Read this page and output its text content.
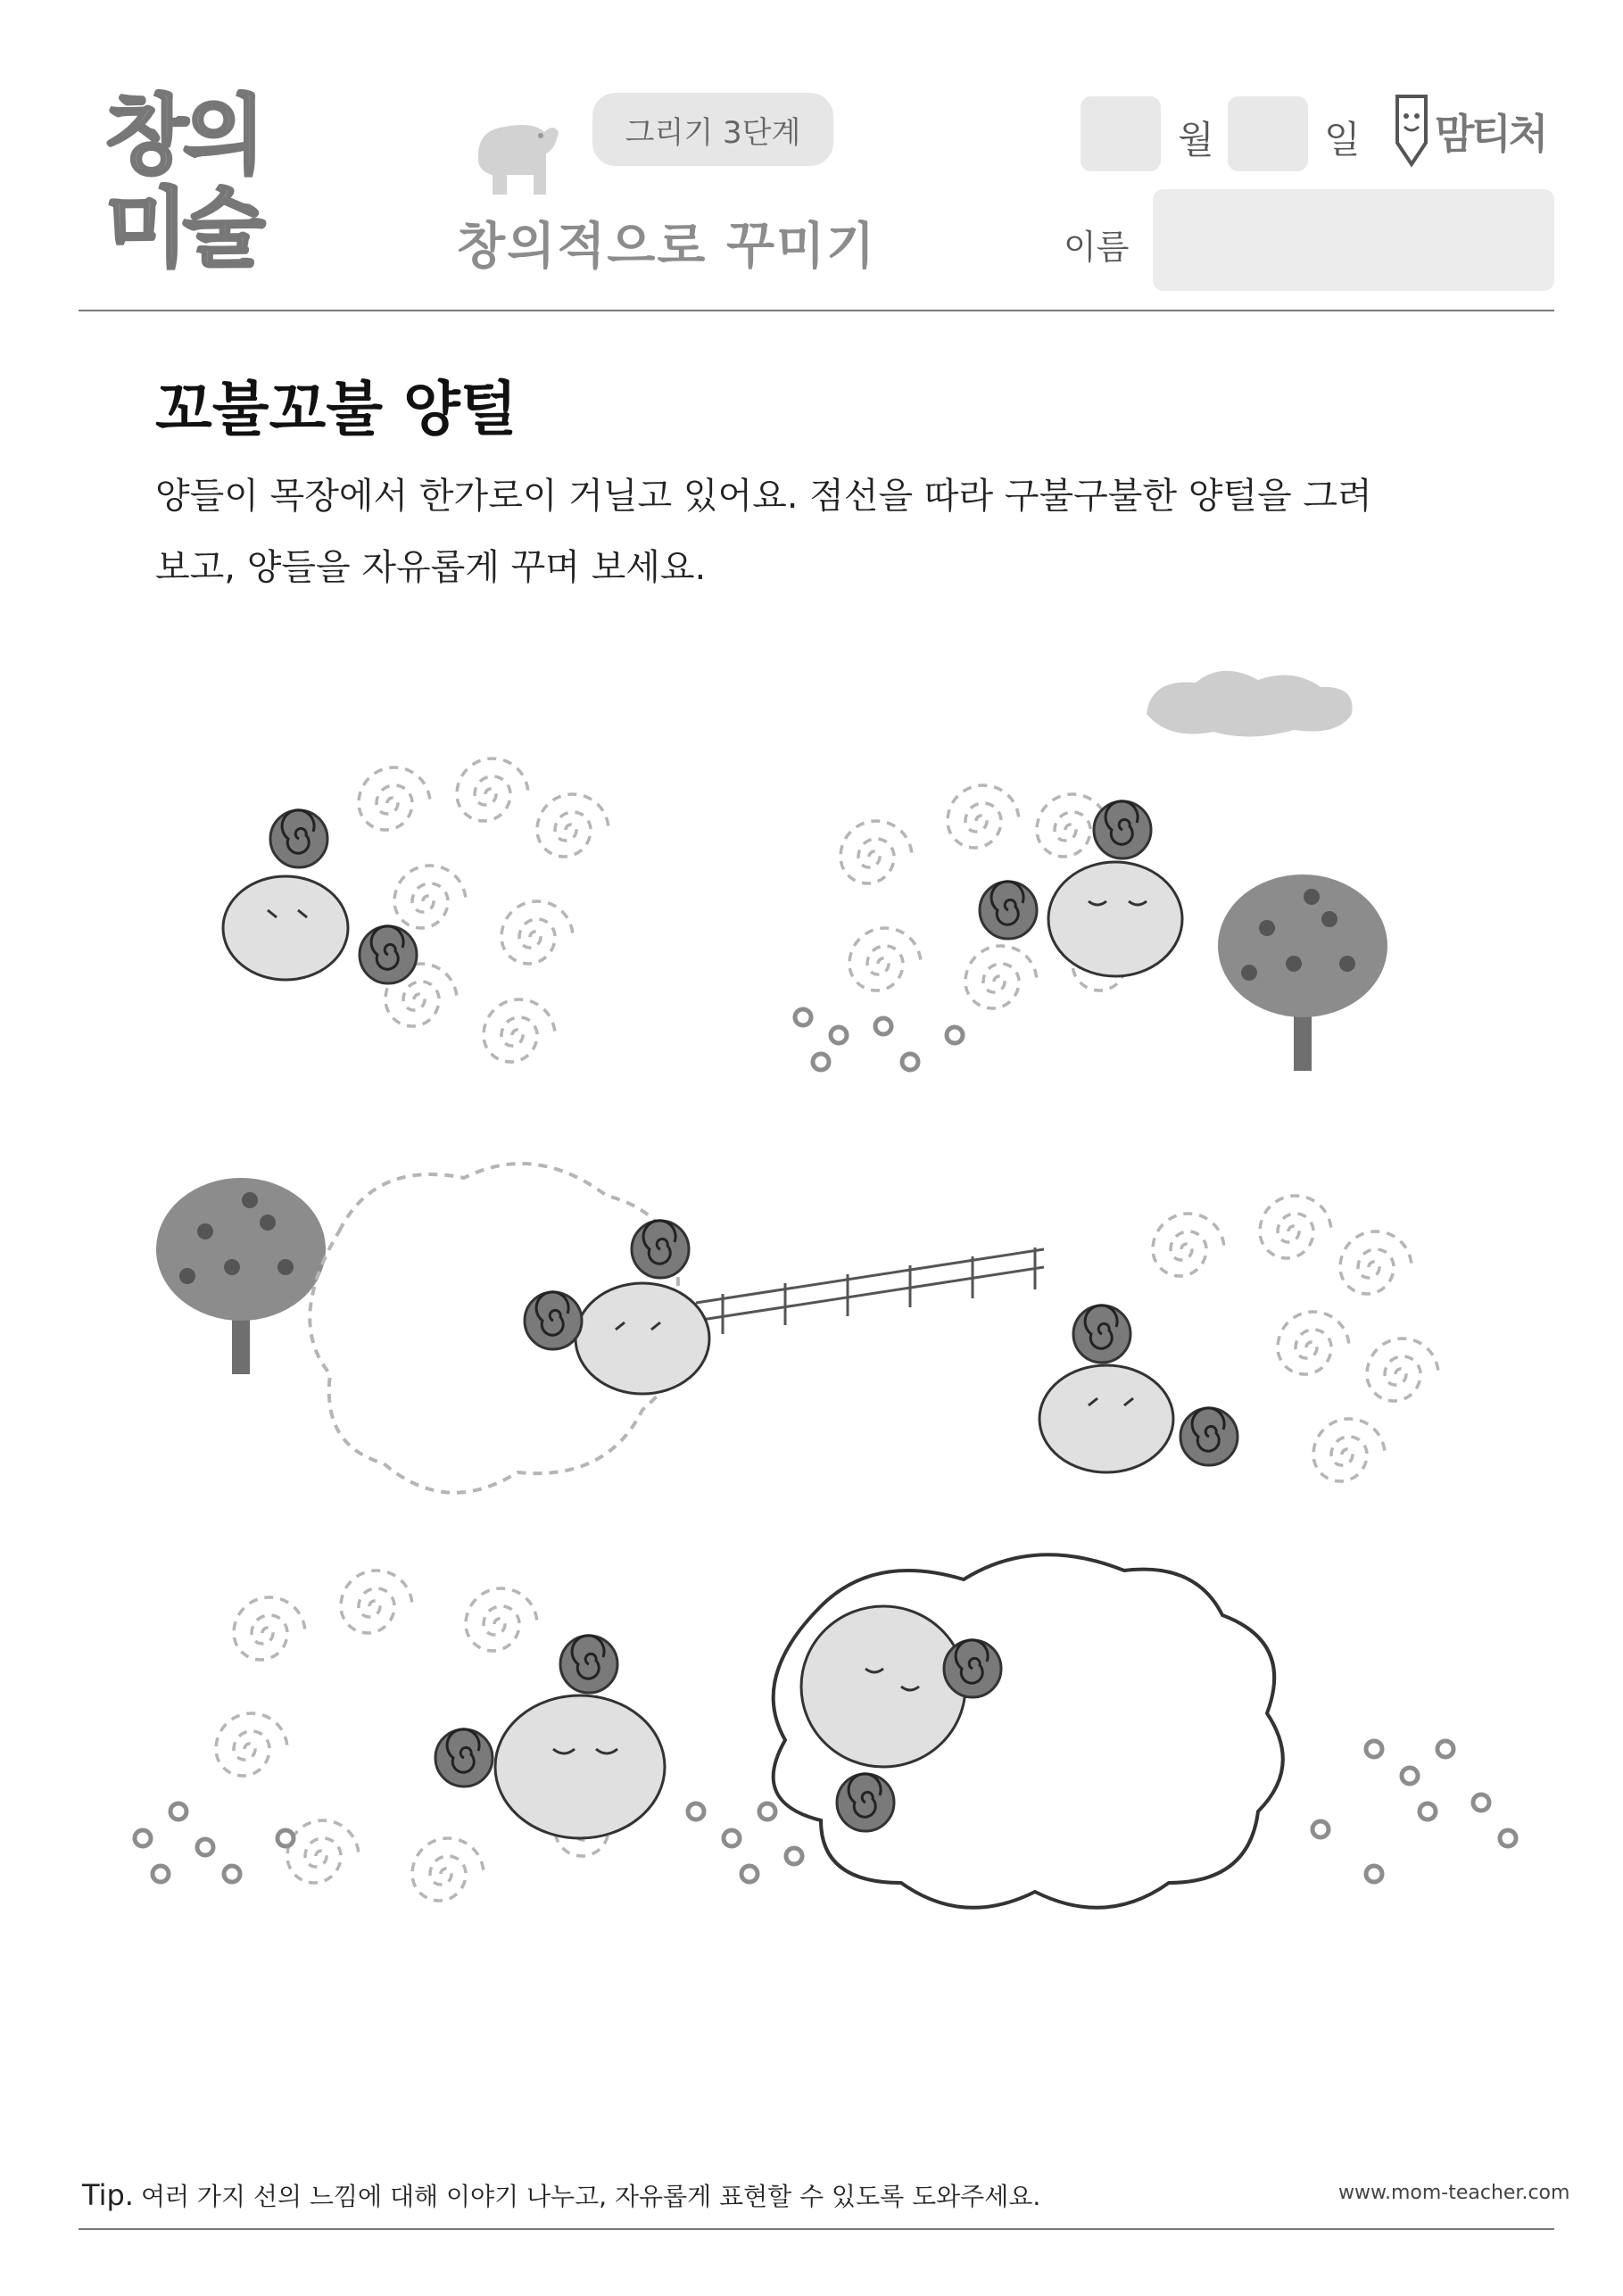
창의
미술
그리기 3단계
창의적으로 꾸미기
월	일 맘티처
이름
꼬불꼬불 양털
양들이 목장에서 한가로이 거닐고 있어요. 점선을 따라 구불구불한 양털을 그려
보고, 양들을 자유롭게 꾸며 보세요.
Tip. 여러 가지 선의 느낌에 대해 이야기 나누고, 자유롭게 표현할 수 있도록 도와주세요.	www.mom-teacher.com
